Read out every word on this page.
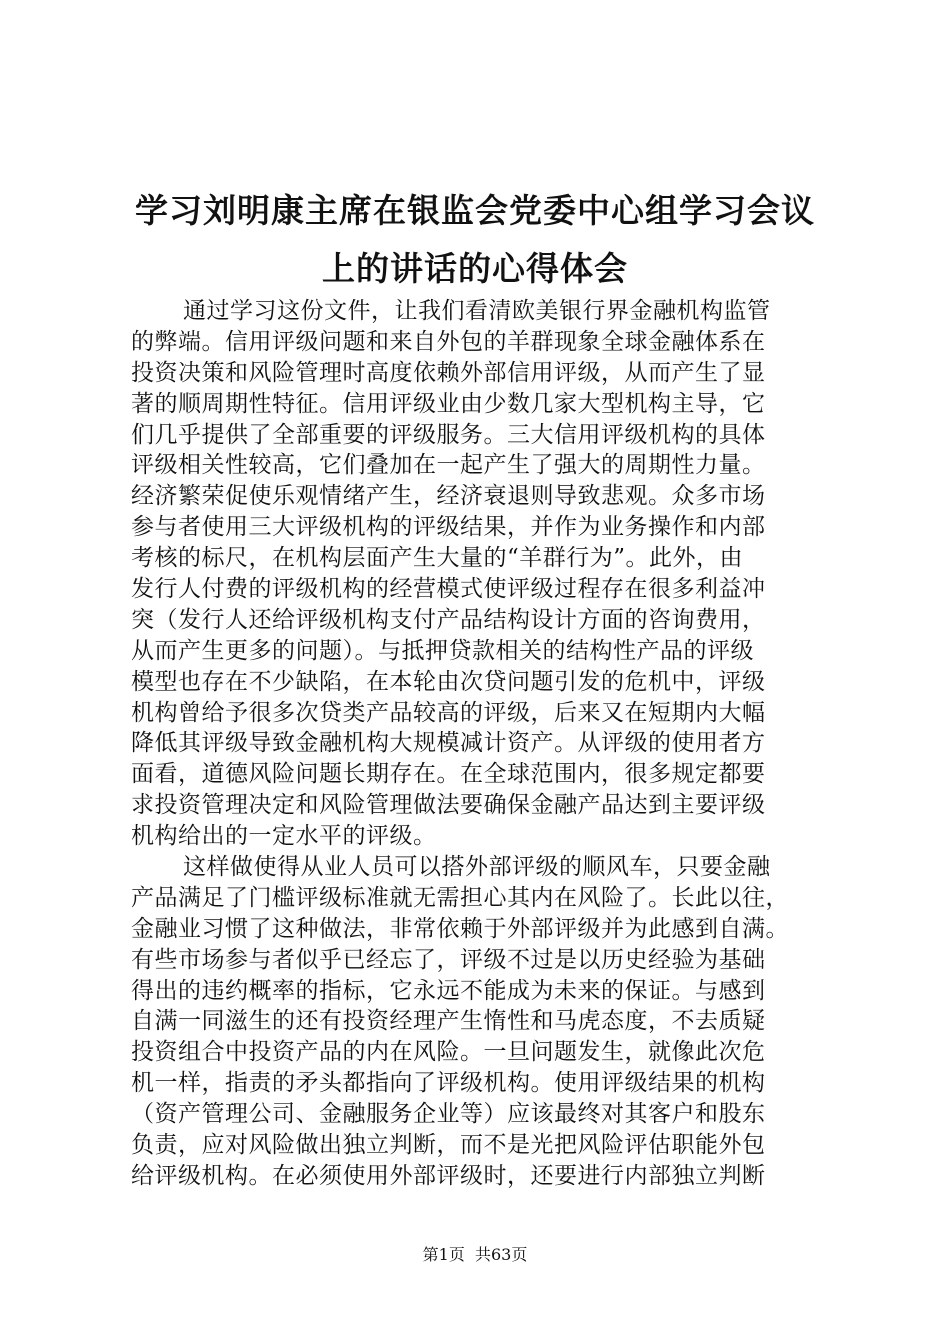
学习刘明康主席在银监会党委中心组学习会议
上的讲话的心得体会
通过学习这份文件，让我们看清欧美银行界金融机构监管
的弊端。信用评级问题和来自外包的羊群现象全球金融体系在
投资决策和风险管理时高度依赖外部信用评级，从而产生了显
著的顺周期性特征。信用评级业由少数几家大型机构主导，它
们几乎提供了全部重要的评级服务。三大信用评级机构的具体
评级相关性较高，它们叠加在一起产生了强大的周期性力量。
经济繁荣促使乐观情绪产生，经济衰退则导致悲观。众多市场
参与者使用三大评级机构的评级结果，并作为业务操作和内部
考核的标尺，在机构层面产生大量的“羊群行为”。此外，由
发行人付费的评级机构的经营模式使评级过程存在很多利益冲
突（发行人还给评级机构支付产品结构设计方面的咨询费用，
从而产生更多的问题）。与抵押贷款相关的结构性产品的评级
模型也存在不少缺陷，在本轮由次贷问题引发的危机中，评级
机构曾给予很多次贷类产品较高的评级，后来又在短期内大幅
降低其评级导致金融机构大规模减计资产。从评级的使用者方
面看，道德风险问题长期存在。在全球范围内，很多规定都要
求投资管理决定和风险管理做法要确保金融产品达到主要评级
机构给出的一定水平的评级。
这样做使得从业人员可以搭外部评级的顺风车，只要金融
产品满足了门槛评级标准就无需担心其内在风险了。长此以往，
金融业习惯了这种做法，非常依赖于外部评级并为此感到自满。
有些市场参与者似乎已经忘了，评级不过是以历史经验为基础
得出的违约概率的指标，它永远不能成为未来的保证。与感到
自满一同滋生的还有投资经理产生惰性和马虎态度，不去质疑
投资组合中投资产品的内在风险。一旦问题发生，就像此次危
机一样，指责的矛头都指向了评级机构。使用评级结果的机构
（资产管理公司、金融服务企业等）应该最终对其客户和股东
负责，应对风险做出独立判断，而不是光把风险评估职能外包
给评级机构。在必须使用外部评级时，还要进行内部独立判断
第1页  共63页
